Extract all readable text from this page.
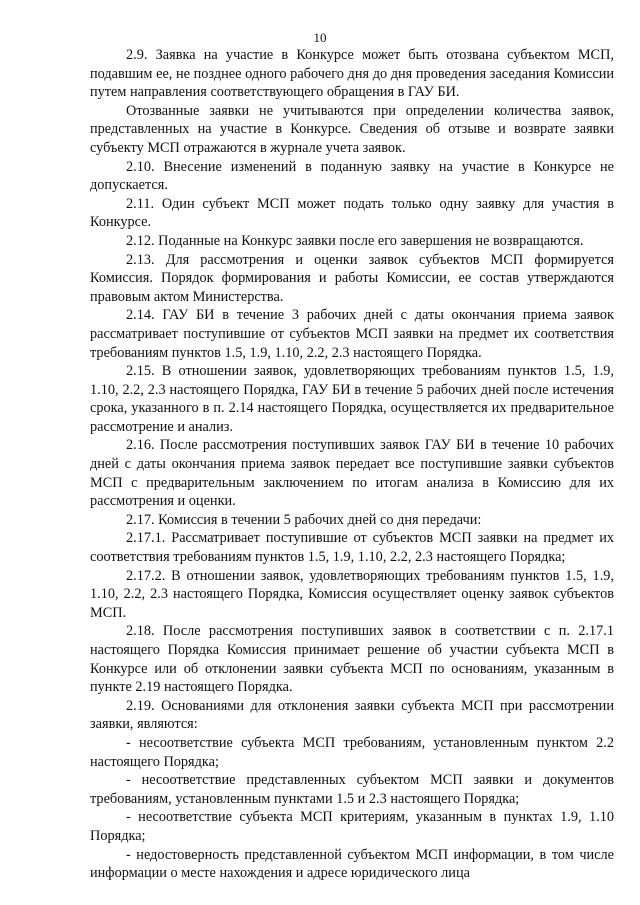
10

2.9. Заявка на участие в Конкурсе может быть отозвана субъектом МСП, подавшим ее, не позднее одного рабочего дня до дня проведения заседания Комиссии путем направления соответствующего обращения в ГАУ БИ.

Отозванные заявки не учитываются при определении количества заявок, представленных на участие в Конкурсе. Сведения об отзыве и возврате заявки субъекту МСП отражаются в журнале учета заявок.

2.10. Внесение изменений в поданную заявку на участие в Конкурсе не допускается.

2.11. Один субъект МСП может подать только одну заявку для участия в Конкурсе.

2.12. Поданные на Конкурс заявки после его завершения не возвращаются.

2.13. Для рассмотрения и оценки заявок субъектов МСП формируется Комиссия. Порядок формирования и работы Комиссии, ее состав утверждаются правовым актом Министерства.

2.14. ГАУ БИ в течение 3 рабочих дней с даты окончания приема заявок рассматривает поступившие от субъектов МСП заявки на предмет их соответствия требованиям пунктов 1.5, 1.9, 1.10, 2.2, 2.3 настоящего Порядка.

2.15. В отношении заявок, удовлетворяющих требованиям пунктов 1.5, 1.9, 1.10, 2.2, 2.3 настоящего Порядка, ГАУ БИ в течение 5 рабочих дней после истечения срока, указанного в п. 2.14 настоящего Порядка, осуществляется их предварительное рассмотрение и анализ.

2.16. После рассмотрения поступивших заявок ГАУ БИ в течение 10 рабочих дней с даты окончания приема заявок передает все поступившие заявки субъектов МСП с предварительным заключением по итогам анализа в Комиссию для их рассмотрения и оценки.

2.17. Комиссия в течении 5 рабочих дней со дня передачи:

2.17.1. Рассматривает поступившие от субъектов МСП заявки на предмет их соответствия требованиям пунктов 1.5, 1.9, 1.10, 2.2, 2.3 настоящего Порядка;

2.17.2. В отношении заявок, удовлетворяющих требованиям пунктов 1.5, 1.9, 1.10, 2.2, 2.3 настоящего Порядка, Комиссия осуществляет оценку заявок субъектов МСП.

2.18. После рассмотрения поступивших заявок в соответствии с п. 2.17.1 настоящего Порядка Комиссия принимает решение об участии субъекта МСП в Конкурсе или об отклонении заявки субъекта МСП по основаниям, указанным в пункте 2.19 настоящего Порядка.

2.19. Основаниями для отклонения заявки субъекта МСП при рассмотрении заявки, являются:

- несоответствие субъекта МСП требованиям, установленным пунктом 2.2 настоящего Порядка;

- несоответствие представленных субъектом МСП заявки и документов требованиям, установленным пунктами 1.5 и 2.3 настоящего Порядка;

- несоответствие субъекта МСП критериям, указанным в пунктах 1.9, 1.10 Порядка;

- недостоверность представленной субъектом МСП информации, в том числе информации о месте нахождения и адресе юридического лица
